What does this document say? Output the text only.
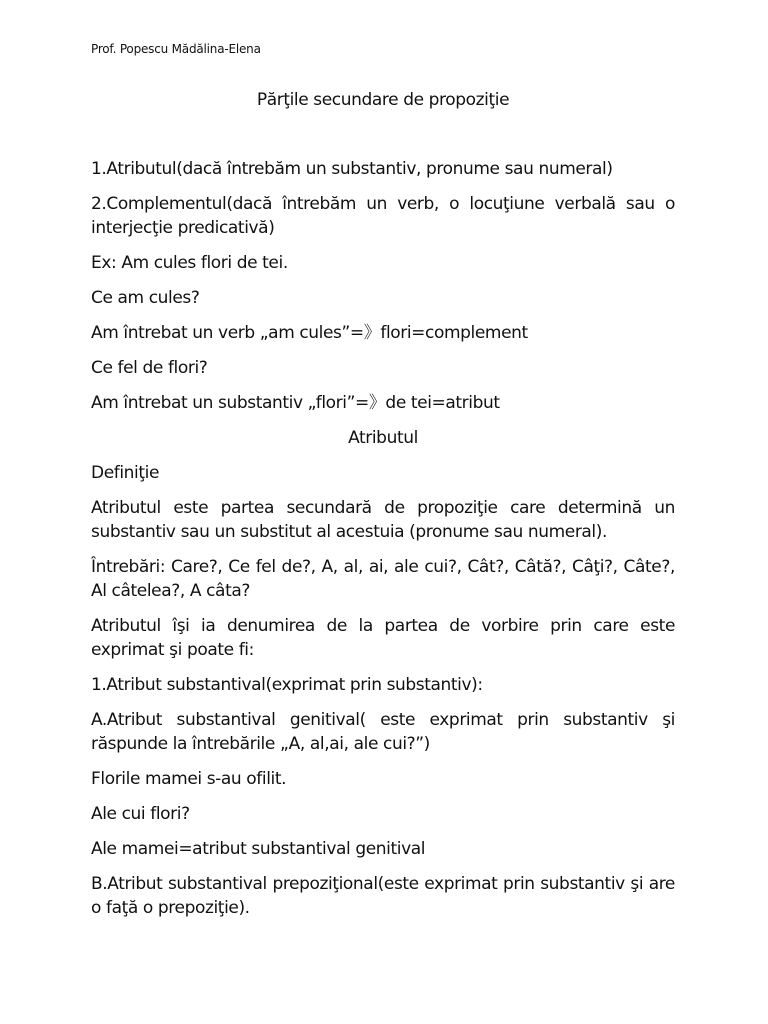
Prof. Popescu Mădălina-Elena

Părţile secundare de propoziţie

1.Atributul(dacă întrebăm un substantiv, pronume sau numeral)

2.Complementul(dacă întrebăm un verb, o locuţiune verbală sau o interjecţie predicativă)

Ex: Am cules flori de tei.

Ce am cules?

Am întrebat un verb „am cules”=》flori=complement

Ce fel de flori?

Am întrebat un substantiv „flori”=》de tei=atribut

Atributul

Definiţie

Atributul este partea secundară de propoziţie care determină un substantiv sau un substitut al acestuia (pronume sau numeral).

Întrebări: Care?, Ce fel de?, A, al, ai, ale cui?, Cât?, Câtă?, Câţi?, Câte?, Al câtelea?, A câta?

Atributul îşi ia denumirea de la partea de vorbire prin care este exprimat şi poate fi:

1.Atribut substantival(exprimat prin substantiv):

A.Atribut substantival genitival( este exprimat prin substantiv şi răspunde la întrebările „A, al,ai, ale cui?”)

Florile mamei s-au ofilit.

Ale cui flori?

Ale mamei=atribut substantival genitival

B.Atribut substantival prepoziţional(este exprimat prin substantiv şi are o faţă o prepoziţie).
